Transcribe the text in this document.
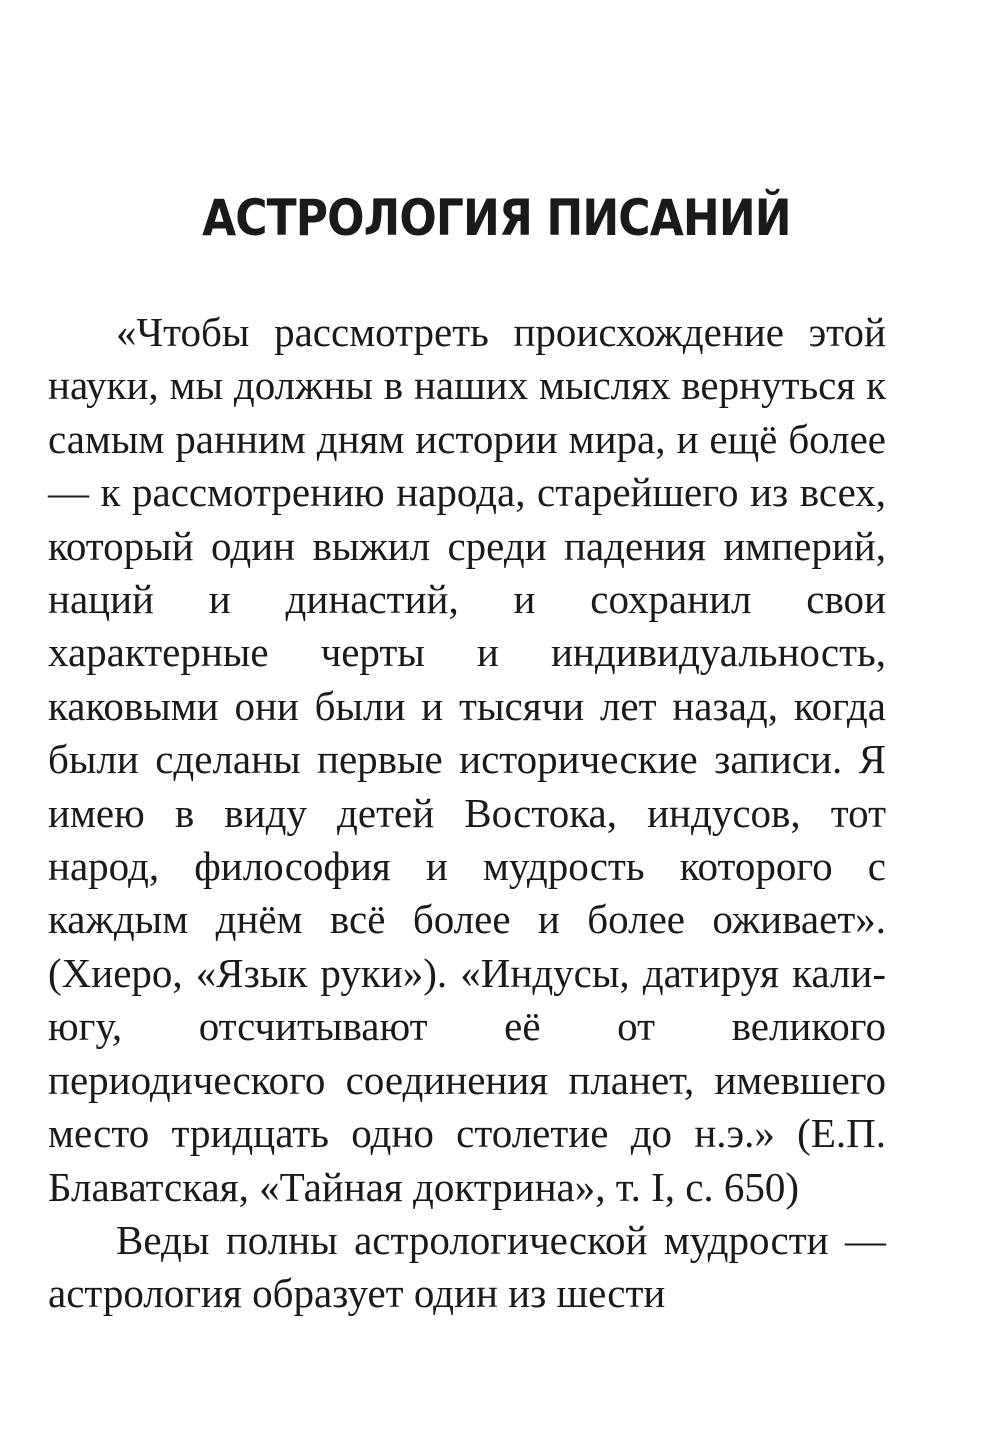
АСТРОЛОГИЯ ПИСАНИЙ

«Чтобы рассмотреть происхождение этой науки, мы должны в наших мыслях вернуться к самым ранним дням истории мира, и ещё более — к рассмотрению народа, старейшего из всех, который один выжил среди падения империй, наций и династий, и сохранил свои характерные черты и индивидуальность, каковыми они были и тысячи лет назад, когда были сделаны первые исторические записи. Я имею в виду детей Востока, индусов, тот народ, философия и мудрость которого с каждым днём всё более и более оживает». (Хиеро, «Язык руки»). «Индусы, датируя кали-югу, отсчитывают её от великого периодического соединения планет, имевшего место тридцать одно столетие до н.э.» (Е.П. Блаватская, «Тайная доктрина», т. I, с. 650)

Веды полны астрологической мудрости — астрология образует один из шести
